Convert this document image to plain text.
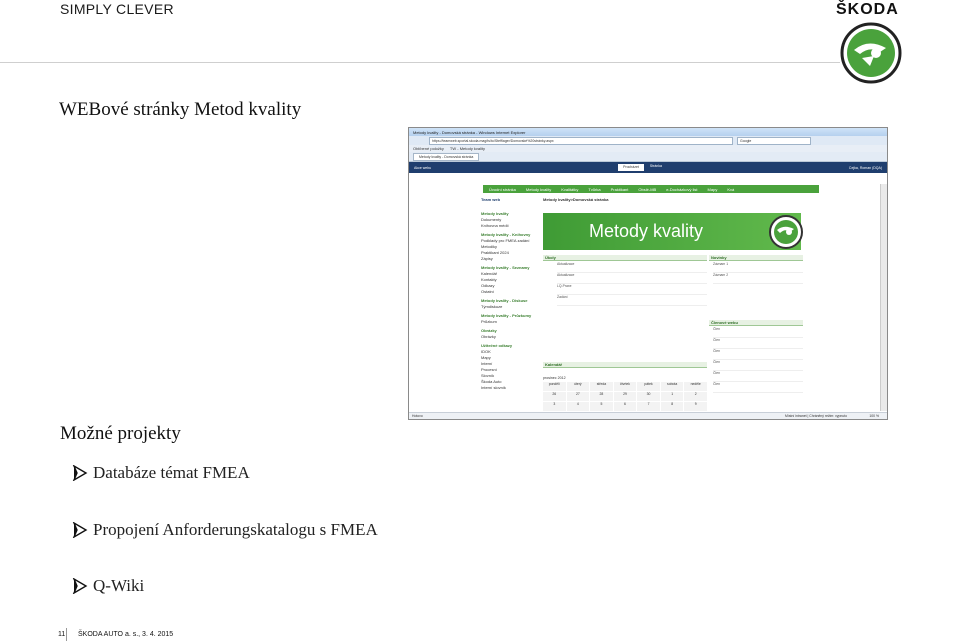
SIMPLY CLEVER	ŠKODA
WEBové stránky Metod kvality
Metody kvality - Domovská stránka - Windows Internet Explorer
https://teamweb.sportal.skoda.mag/ts/to/Stefflager/Domovské%20stránky.aspx	Google
Oblíbené položky TW - Metody kvality
Metody kvality - Domovská stránka
Akce webu	Procházet	Stránka	Cejka, Roman (DQA)
Úvodní stránka	Metody kvality	Kvalitátky	Tvůrka	Praktikant	Obslé-MB	e-Docházkový list	Mapy	Kvá
Team web	Metody kvality>Domovská stránka
Metody kvality
Dokumenty
Knihovna médií
Metody kvality - Knihovny
Podklady pro FMEA zadání
Metodiky
Praktikant 2024
Zápisy
Metody kvality - Seznamy
Kalendář
Kontakty
Odkazy
Ostatní
Metody kvality - Diskuse
Týmdiskuze
Metody kvality - Průzkumy
Průzkum
Obrázky
Obrázky
Užitečné odkazy
IDOK
Mapy
Interní
Procesní
Slovník
Škoda Auto
Interní slovník
Metody kvality
Úkoly
Aktualizace
Aktualizace
LQ-Praxe
Zadání
Novinky
Záznam 1
Záznam 2
Členové webu
Člen
Člen
Člen
Člen
Člen
Člen
Kalendář
prosinec 2012
pondělí	úterý	středa	čtvrtek	pátek	sobota	neděle
26	27	28	29	30	1	2
3	4	5	6	7	8	9
Hotovo	Místní intranet | Chráněný režim: vypnuto	100 %
Možné projekty
Databáze témat FMEA
Propojení Anforderungskatalogu s FMEA
Q-Wiki
11 ŠKODA AUTO a. s., 3. 4. 2015
